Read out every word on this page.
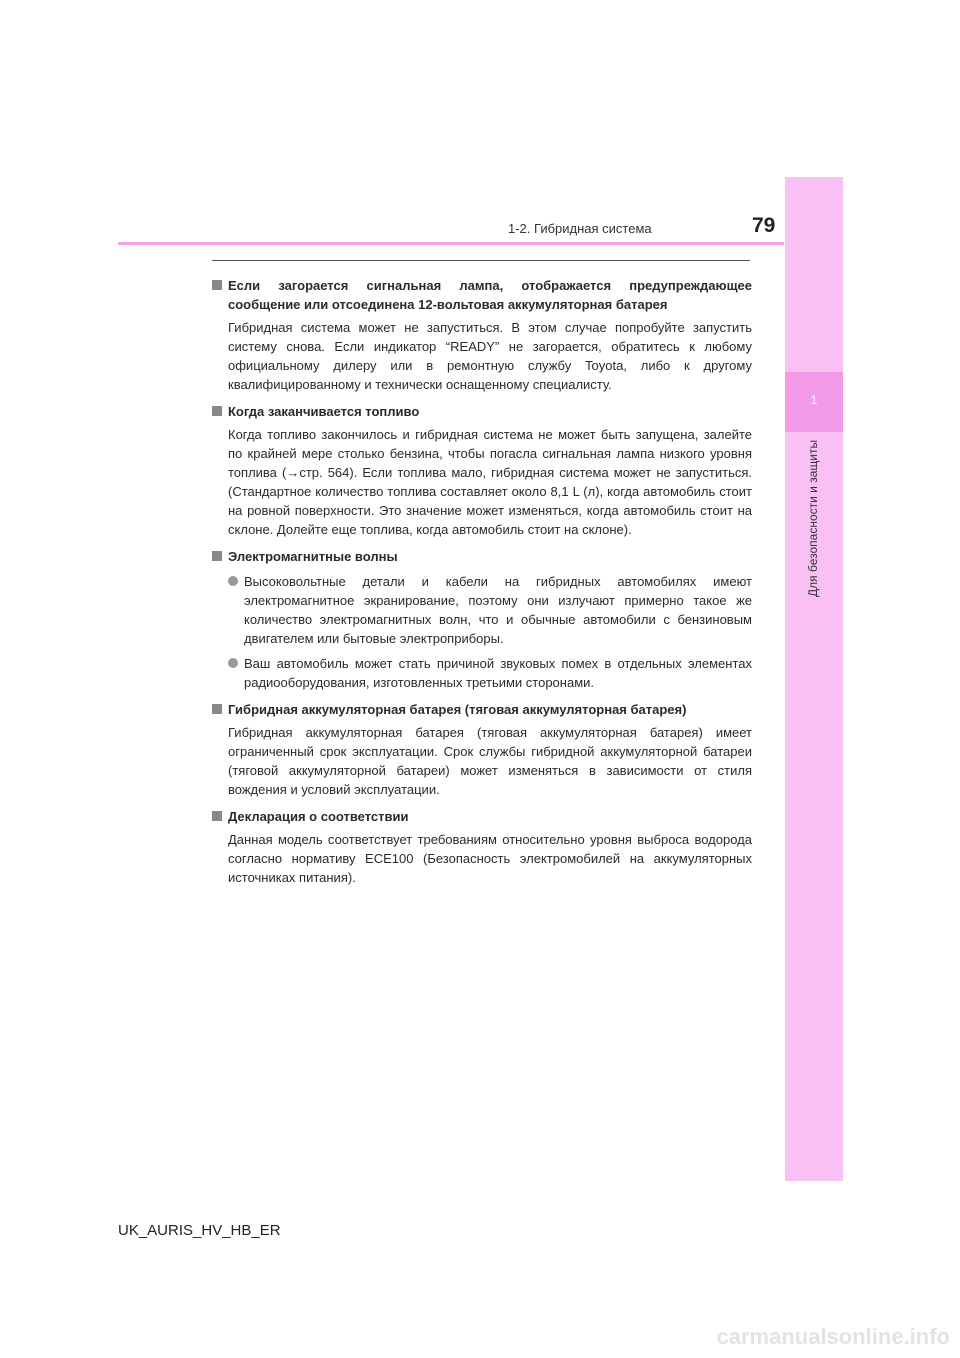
1-2. Гибридная система	79
1
Для безопасности и защиты
Если загорается сигнальная лампа, отображается предупреждающее сообщение или отсоединена 12-вольтовая аккумуляторная батарея
Гибридная система может не запуститься. В этом случае попробуйте запустить систему снова. Если индикатор “READY” не загорается, обратитесь к любому официальному дилеру или в ремонтную службу Toyota, либо к другому квалифицированному и технически оснащенному специалисту.
Когда заканчивается топливо
Когда топливо закончилось и гибридная система не может быть запущена, залейте по крайней мере столько бензина, чтобы погасла сигнальная лампа низкого уровня топлива (→стр. 564). Если топлива мало, гибридная система может не запуститься. (Стандартное количество топлива составляет около 8,1 L (л), когда автомобиль стоит на ровной поверхности. Это значение может изменяться, когда автомобиль стоит на склоне. Долейте еще топлива, когда автомобиль стоит на склоне).
Электромагнитные волны
Высоковольтные детали и кабели на гибридных автомобилях имеют электромагнитное экранирование, поэтому они излучают примерно такое же количество электромагнитных волн, что и обычные автомобили с бензиновым двигателем или бытовые электроприборы.
Ваш автомобиль может стать причиной звуковых помех в отдельных элементах радиооборудования, изготовленных третьими сторонами.
Гибридная аккумуляторная батарея (тяговая аккумуляторная батарея)
Гибридная аккумуляторная батарея (тяговая аккумуляторная батарея) имеет ограниченный срок эксплуатации. Срок службы гибридной аккумуляторной батареи (тяговой аккумуляторной батареи) может изменяться в зависимости от стиля вождения и условий эксплуатации.
Декларация о соответствии
Данная модель соответствует требованиям относительно уровня выброса водорода согласно нормативу ECE100 (Безопасность электромобилей на аккумуляторных источниках питания).
UK_AURIS_HV_HB_ER
carmanualsonline.info
